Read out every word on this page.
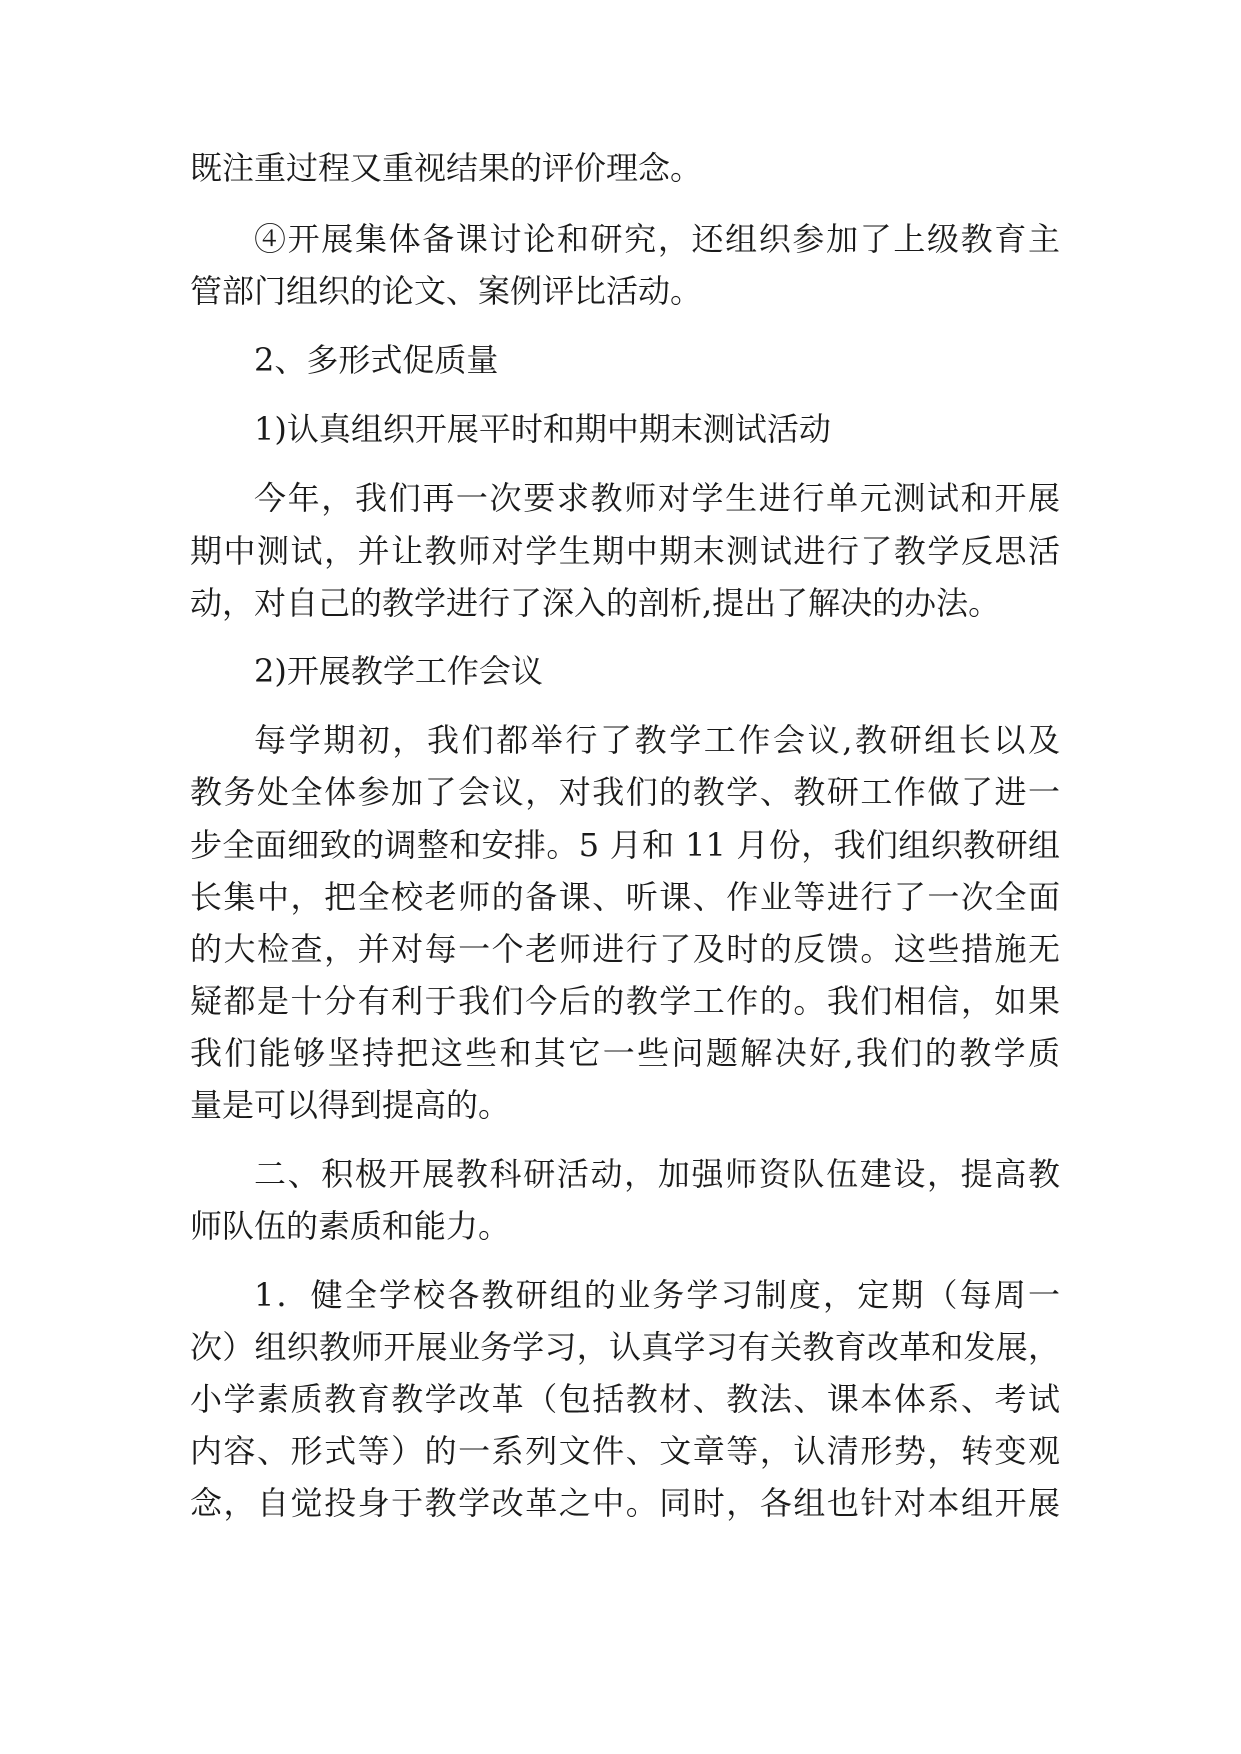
既注重过程又重视结果的评价理念。
④开展集体备课讨论和研究，还组织参加了上级教育主
管部门组织的论文、案例评比活动。
2、多形式促质量
1)认真组织开展平时和期中期末测试活动
今年，我们再一次要求教师对学生进行单元测试和开展
期中测试，并让教师对学生期中期末测试进行了教学反思活
动，对自己的教学进行了深入的剖析,提出了解决的办法。
2)开展教学工作会议
每学期初，我们都举行了教学工作会议,教研组长以及
教务处全体参加了会议，对我们的教学、教研工作做了进一
步全面细致的调整和安排。5 月和 11 月份，我们组织教研组
长集中，把全校老师的备课、听课、作业等进行了一次全面
的大检查，并对每一个老师进行了及时的反馈。这些措施无
疑都是十分有利于我们今后的教学工作的。我们相信，如果
我们能够坚持把这些和其它一些问题解决好,我们的教学质
量是可以得到提高的。
二、积极开展教科研活动，加强师资队伍建设，提高教
师队伍的素质和能力。
1．健全学校各教研组的业务学习制度，定期（每周一
次）组织教师开展业务学习，认真学习有关教育改革和发展，
小学素质教育教学改革（包括教材、教法、课本体系、考试
内容、形式等）的一系列文件、文章等，认清形势，转变观
念，自觉投身于教学改革之中。同时，各组也针对本组开展
